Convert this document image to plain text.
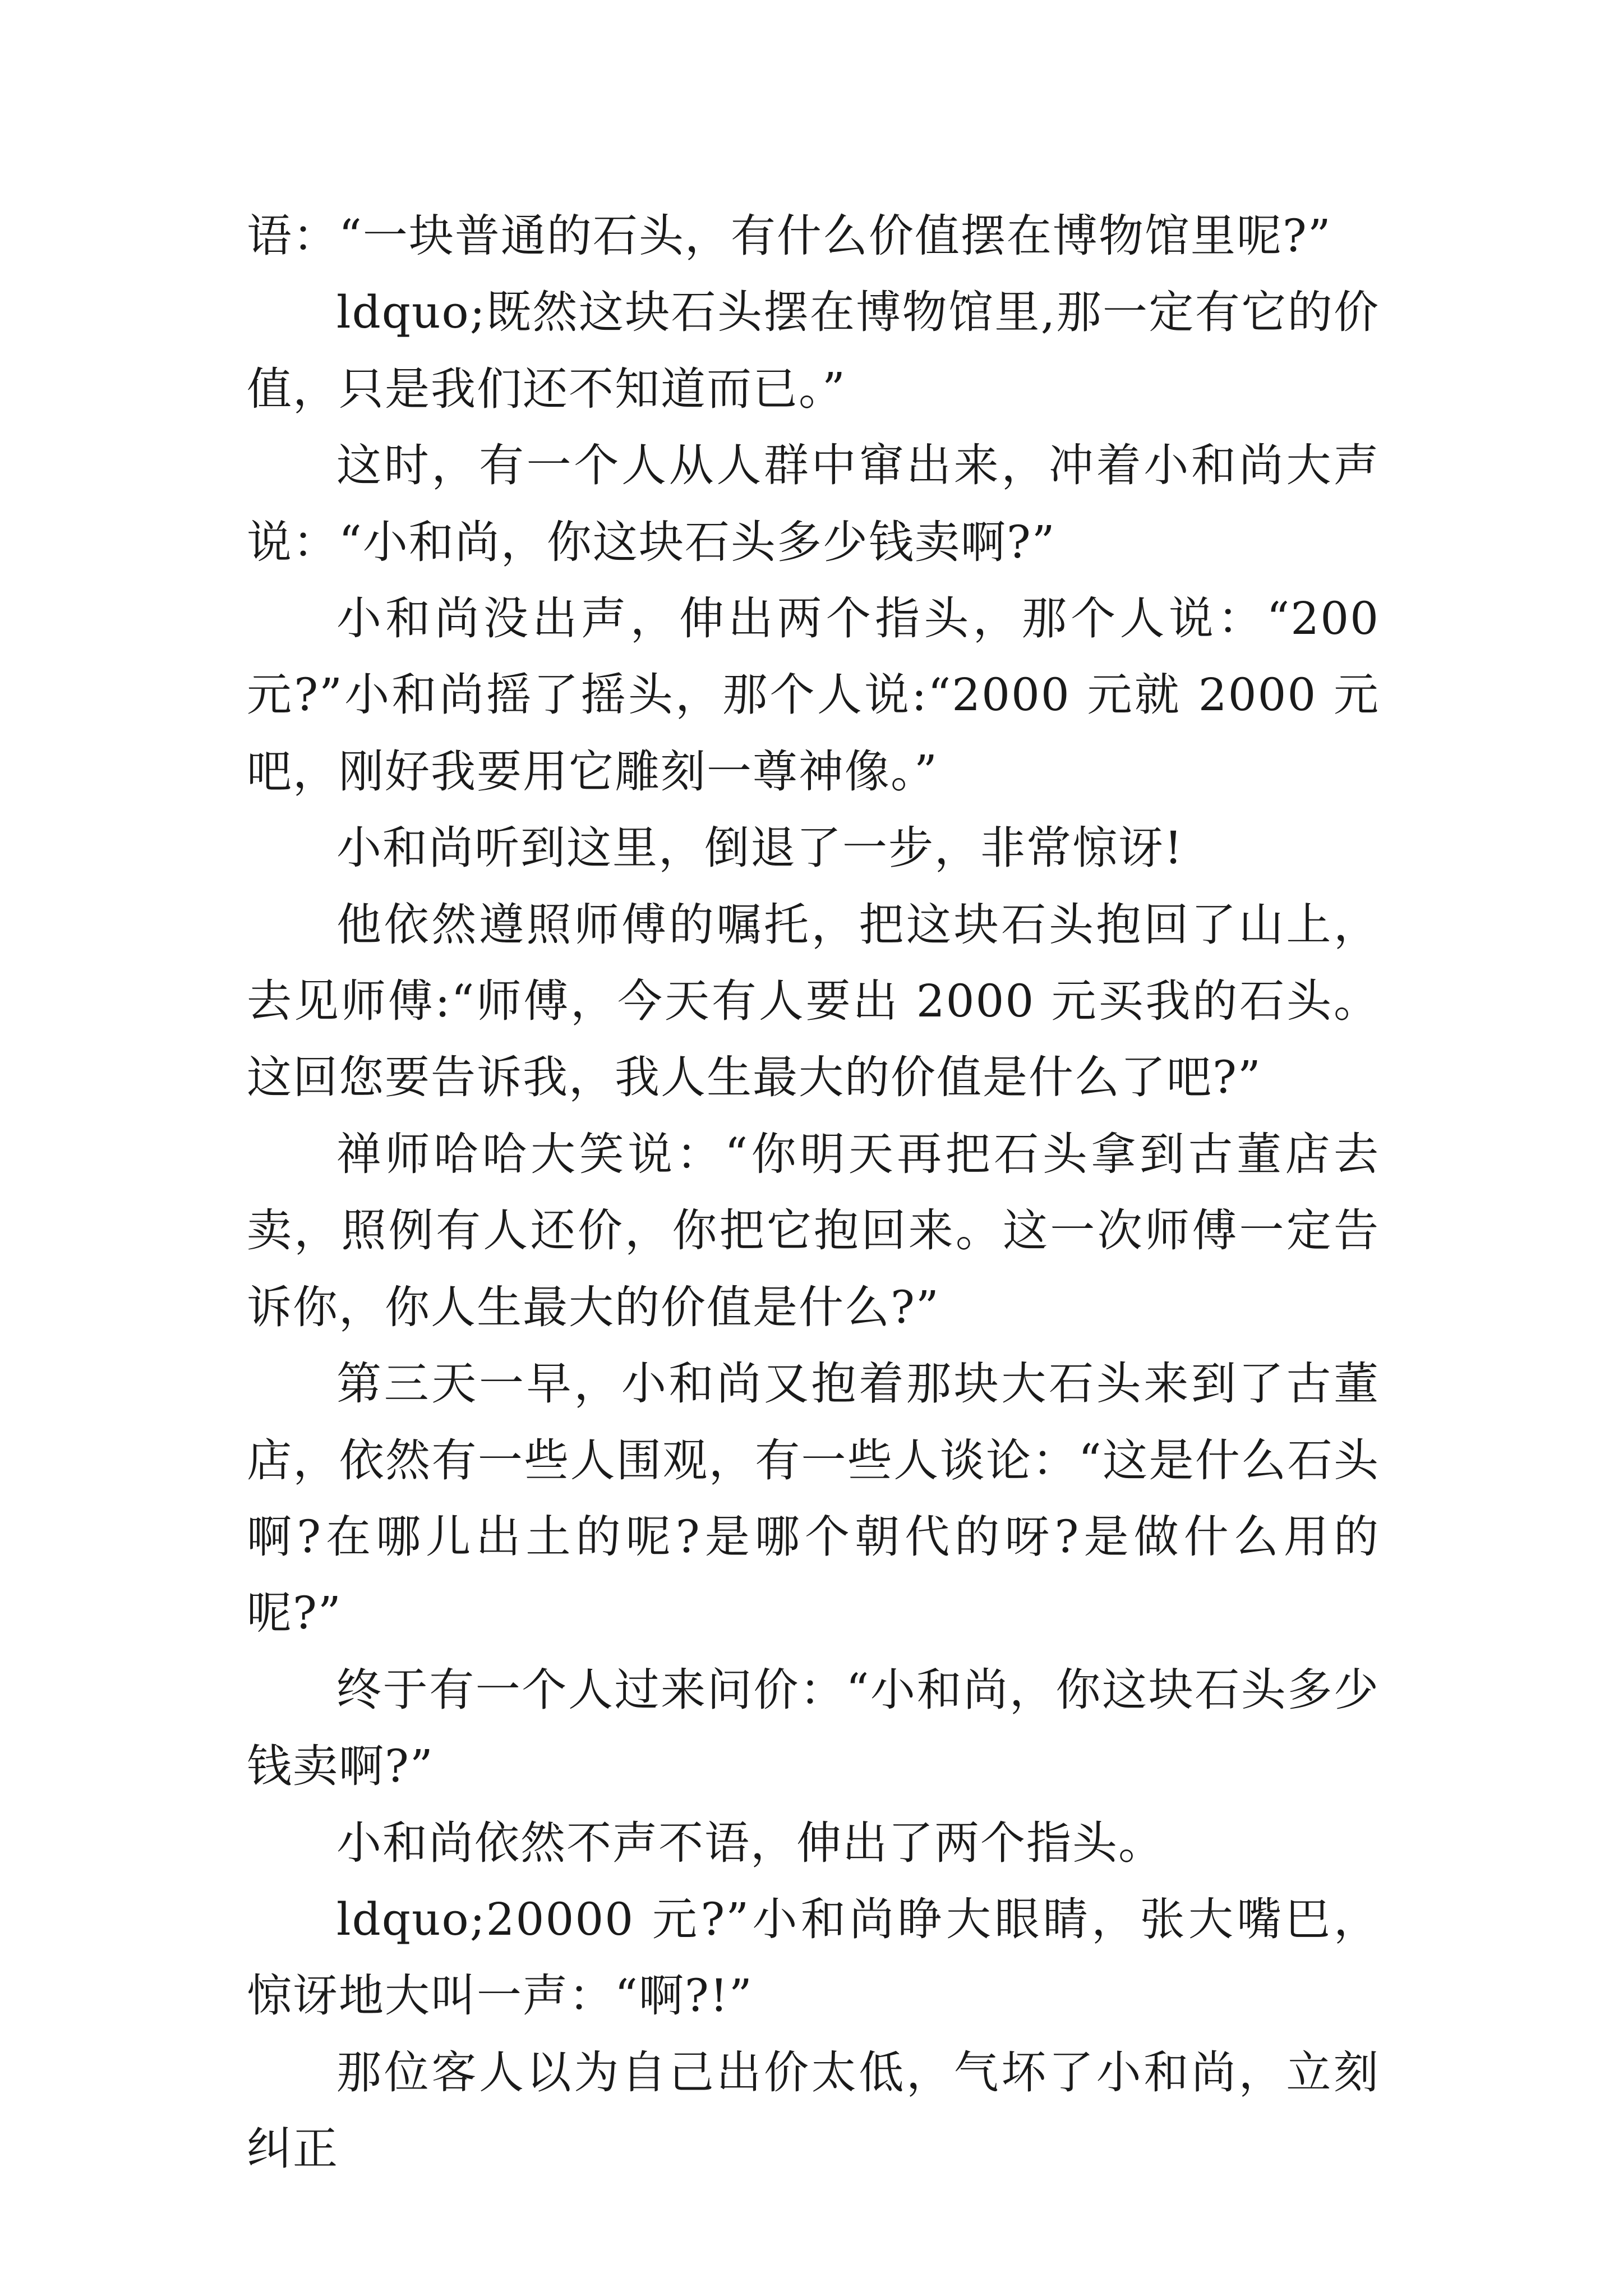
语：“一块普通的石头，有什么价值摆在博物馆里呢?”

ldquo;既然这块石头摆在博物馆里,那一定有它的价值，只是我们还不知道而已。”

这时，有一个人从人群中窜出来，冲着小和尚大声说：“小和尚，你这块石头多少钱卖啊?”

小和尚没出声，伸出两个指头，那个人说：“200 元?”小和尚摇了摇头，那个人说:“2000 元就 2000 元吧，刚好我要用它雕刻一尊神像。”

小和尚听到这里，倒退了一步，非常惊讶!

他依然遵照师傅的嘱托，把这块石头抱回了山上，去见师傅:“师傅，今天有人要出 2000 元买我的石头。这回您要告诉我，我人生最大的价值是什么了吧?”

禅师哈哈大笑说：“你明天再把石头拿到古董店去卖，照例有人还价，你把它抱回来。这一次师傅一定告诉你，你人生最大的价值是什么?”

第三天一早，小和尚又抱着那块大石头来到了古董店，依然有一些人围观，有一些人谈论：“这是什么石头啊?在哪儿出土的呢?是哪个朝代的呀?是做什么用的呢?”

终于有一个人过来问价：“小和尚，你这块石头多少钱卖啊?”

小和尚依然不声不语，伸出了两个指头。

ldquo;20000 元?”小和尚睁大眼睛，张大嘴巴，惊讶地大叫一声：“啊?!”

那位客人以为自己出价太低，气坏了小和尚，立刻纠正
